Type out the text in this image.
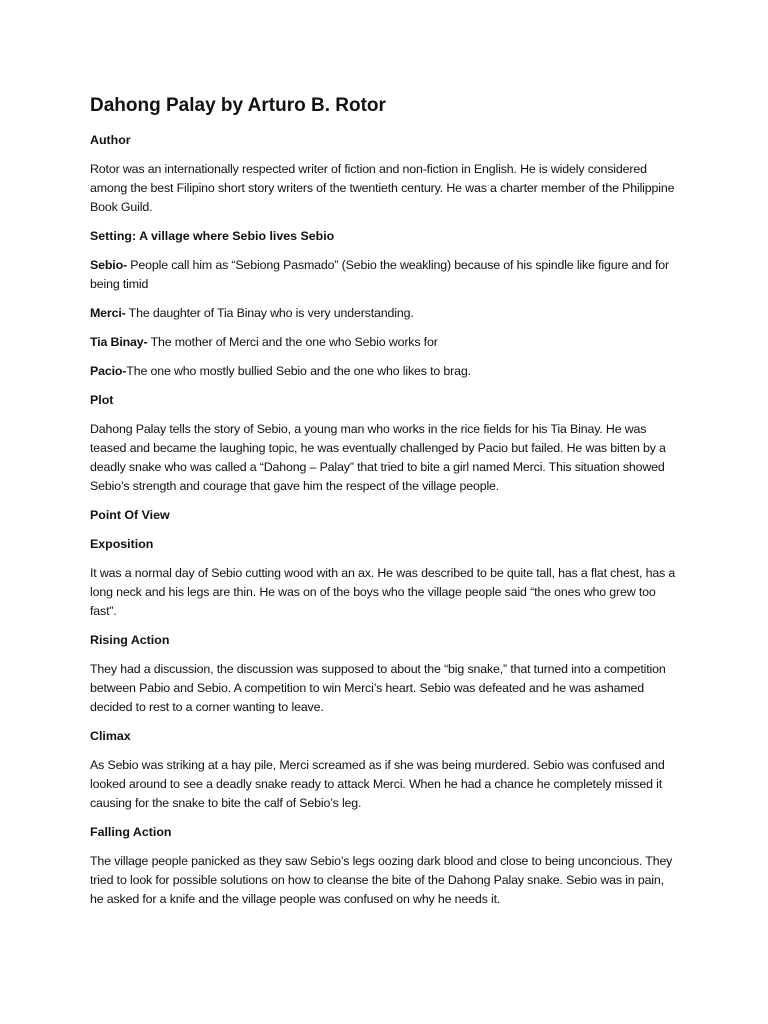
Dahong Palay by Arturo B. Rotor
Author
Rotor was an internationally respected writer of fiction and non-fiction in English. He is widely considered among the best Filipino short story writers of the twentieth century. He was a charter member of the Philippine Book Guild.
Setting: A village where Sebio lives Sebio
Sebio- People call him as “Sebiong Pasmado” (Sebio the weakling) because of his spindle like figure and for being timid
Merci- The daughter of Tia Binay who is very understanding.
Tia Binay- The mother of Merci and the one who Sebio works for
Pacio-The one who mostly bullied Sebio and the one who likes to brag.
Plot
Dahong Palay tells the story of Sebio, a young man who works in the rice fields for his Tia Binay. He was teased and became the laughing topic, he was eventually challenged by Pacio but failed. He was bitten by a deadly snake who was called a “Dahong – Palay” that tried to bite a girl named Merci. This situation showed Sebio’s strength and courage that gave him the respect of the village people.
Point Of View
Exposition
It was a normal day of Sebio cutting wood with an ax. He was described to be quite tall, has a flat chest, has a long neck and his legs are thin. He was on of the boys who the village people said “the ones who grew too fast”.
Rising Action
They had a discussion, the discussion was supposed to about the “big snake,” that turned into a competition between Pabio and Sebio. A competition to win Merci’s heart. Sebio was defeated and he was ashamed decided to rest to a corner wanting to leave.
Climax
As Sebio was striking at a hay pile, Merci screamed as if she was being murdered. Sebio was confused and looked around to see a deadly snake ready to attack Merci. When he had a chance he completely missed it causing for the snake to bite the calf of Sebio’s leg.
Falling Action
The village people panicked as they saw Sebio’s legs oozing dark blood and close to being unconcious. They tried to look for possible solutions on how to cleanse the bite of the Dahong Palay snake. Sebio was in pain, he asked for a knife and the village people was confused on why he needs it.
